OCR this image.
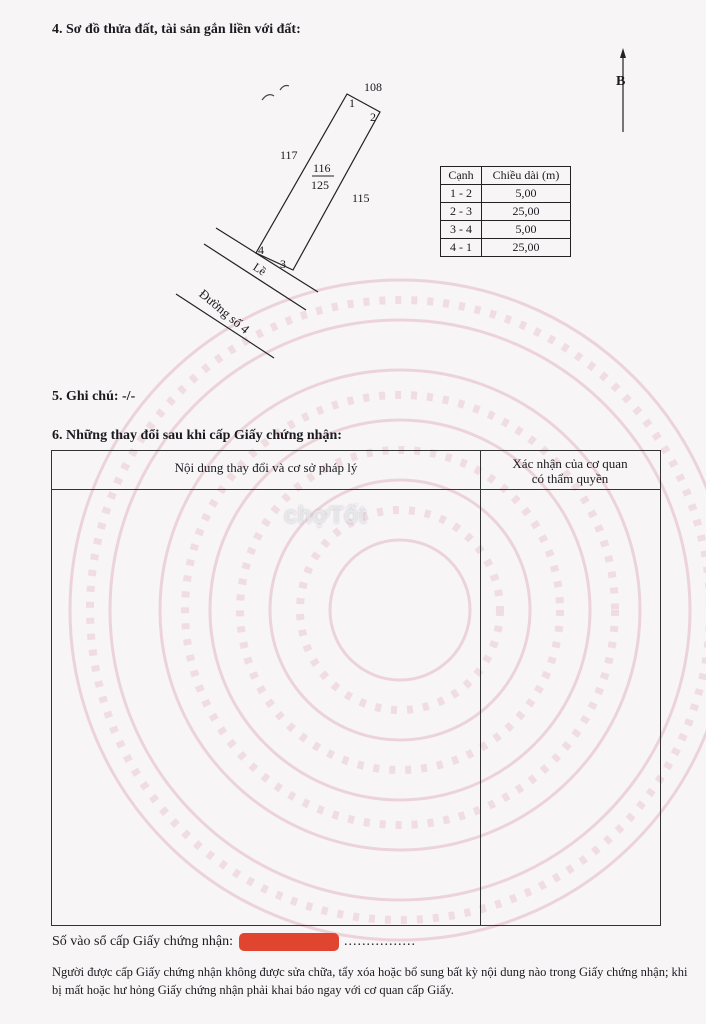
4. Sơ đồ thửa đất, tài sản gắn liền với đất:
1
2
3
4
116
125
108
117
115
Lề
Đường số 4
B
Cạnh	Chiều dài (m)
1 - 2	5,00
2 - 3	25,00
3 - 4	5,00
4 - 1	25,00
5. Ghi chú: -/-
6. Những thay đổi sau khi cấp Giấy chứng nhận:
Nội dung thay đổi và cơ sở pháp lý	Xác nhận của cơ quan
có thẩm quyền
chợTốt
Số vào sổ cấp Giấy chứng nhận:	................
Người được cấp Giấy chứng nhận không được sửa chữa, tẩy xóa hoặc bổ sung bất kỳ nội dung nào trong Giấy chứng nhận; khi bị mất hoặc hư hỏng Giấy chứng nhận phải khai báo ngay với cơ quan cấp Giấy.
